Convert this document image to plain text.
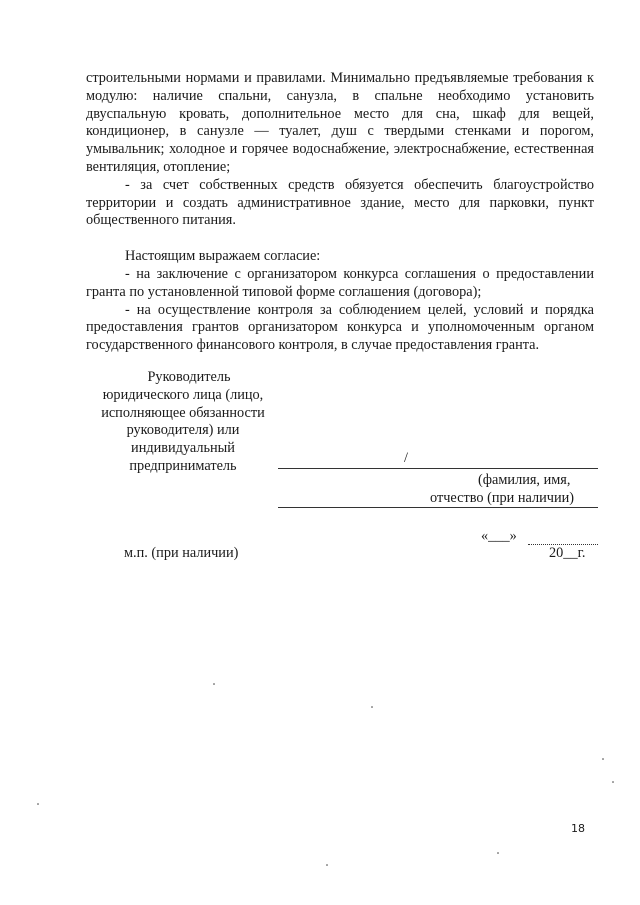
строительными нормами и правилами. Минимально предъявляемые требования к модулю: наличие спальни, санузла, в спальне необходимо установить двуспальную кровать, дополнительное место для сна, шкаф для вещей, кондиционер, в санузле — туалет, душ с твердыми стенками и порогом, умывальник; холодное и горячее водоснабжение, электроснабжение, естественная вентиляция, отопление;

- за счет собственных средств обязуется обеспечить благоустройство территории и создать административное здание, место для парковки, пункт общественного питания.

Настоящим выражаем согласие:

- на заключение с организатором конкурса соглашения о предоставлении гранта по установленной типовой форме соглашения (договора);

- на осуществление контроля за соблюдением целей, условий и порядка предоставления грантов организатором конкурса и уполномоченным органом государственного финансового контроля, в случае предоставления гранта.

Руководитель
юридического лица (лицо,
исполняющее обязанности
руководителя) или
индивидуальный
предприниматель	/
(фамилия, имя,
отчество (при наличии)
«___»
м.п. (при наличии)	20__г.
18
